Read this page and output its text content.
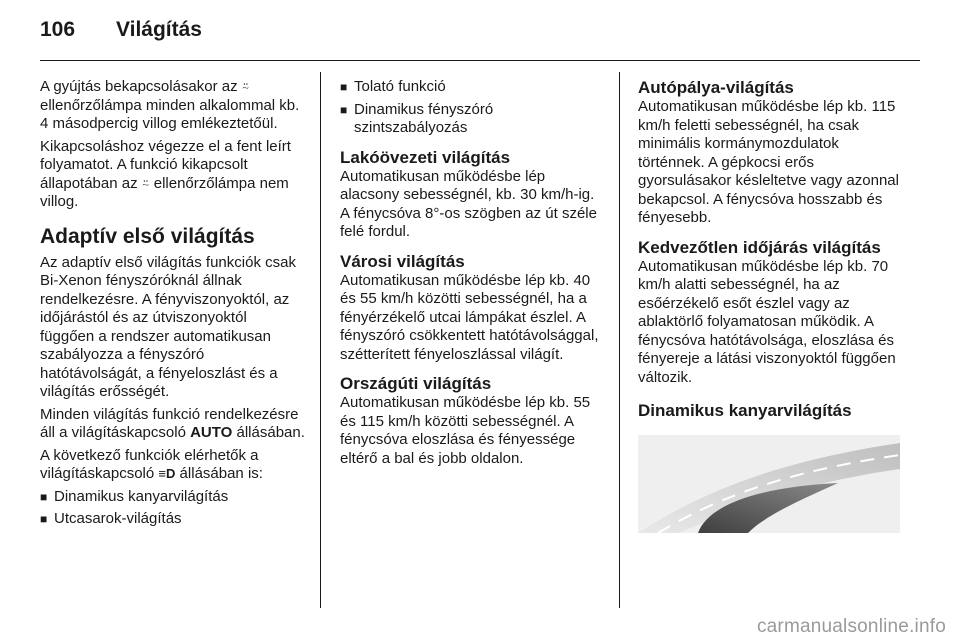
106	Világítás

A gyújtás bekapcsolásakor az ⍨ ellenőrzőlámpa minden alkalommal kb. 4 másodpercig villog emlékeztetőül.

Kikapcsoláshoz végezze el a fent leírt folyamatot. A funkció kikapcsolt állapotában az ⍨ ellenőrzőlámpa nem villog.

Adaptív első világítás

Az adaptív első világítás funkciók csak Bi-Xenon fényszóróknál állnak rendelkezésre. A fényviszonyoktól, az időjárástól és az útviszonyoktól függően a rendszer automatikusan szabályozza a fényszóró hatótávolságát, a fényeloszlást és a világítás erősségét.

Minden világítás funkció rendelkezésre áll a világításkapcsoló AUTO állásában.

A következő funkciók elérhetők a világításkapcsoló ≡D állásában is:

■ Dinamikus kanyarvilágítás
■ Utcasarok-világítás
■ Tolató funkció
■ Dinamikus fényszóró szintszabályozás
Lakóövezeti világítás

Automatikusan működésbe lép alacsony sebességnél, kb. 30 km/h-ig. A fénycsóva 8°-os szögben az út széle felé fordul.

Városi világítás

Automatikusan működésbe lép kb. 40 és 55 km/h közötti sebességnél, ha a fényérzékelő utcai lámpákat észlel. A fényszóró csökkentett hatótávolsággal, szétterített fényeloszlással világít.

Országúti világítás

Automatikusan működésbe lép kb. 55 és 115 km/h közötti sebességnél. A fénycsóva eloszlása és fényessége eltérő a bal és jobb oldalon.

Autópálya-világítás

Automatikusan működésbe lép kb. 115 km/h feletti sebességnél, ha csak minimális kormánymozdulatok történnek. A gépkocsi erős gyorsulásakor késleltetve vagy azonnal bekapcsol. A fénycsóva hosszabb és fényesebb.

Kedvezőtlen időjárás világítás

Automatikusan működésbe lép kb. 70 km/h alatti sebességnél, ha az esőérzékelő esőt észlel vagy az ablaktörlő folyamatosan működik. A fénycsóva hatótávolsága, eloszlása és fényereje a látási viszonyoktól függően változik.

Dinamikus kanyarvilágítás
carmanualsonline.info
